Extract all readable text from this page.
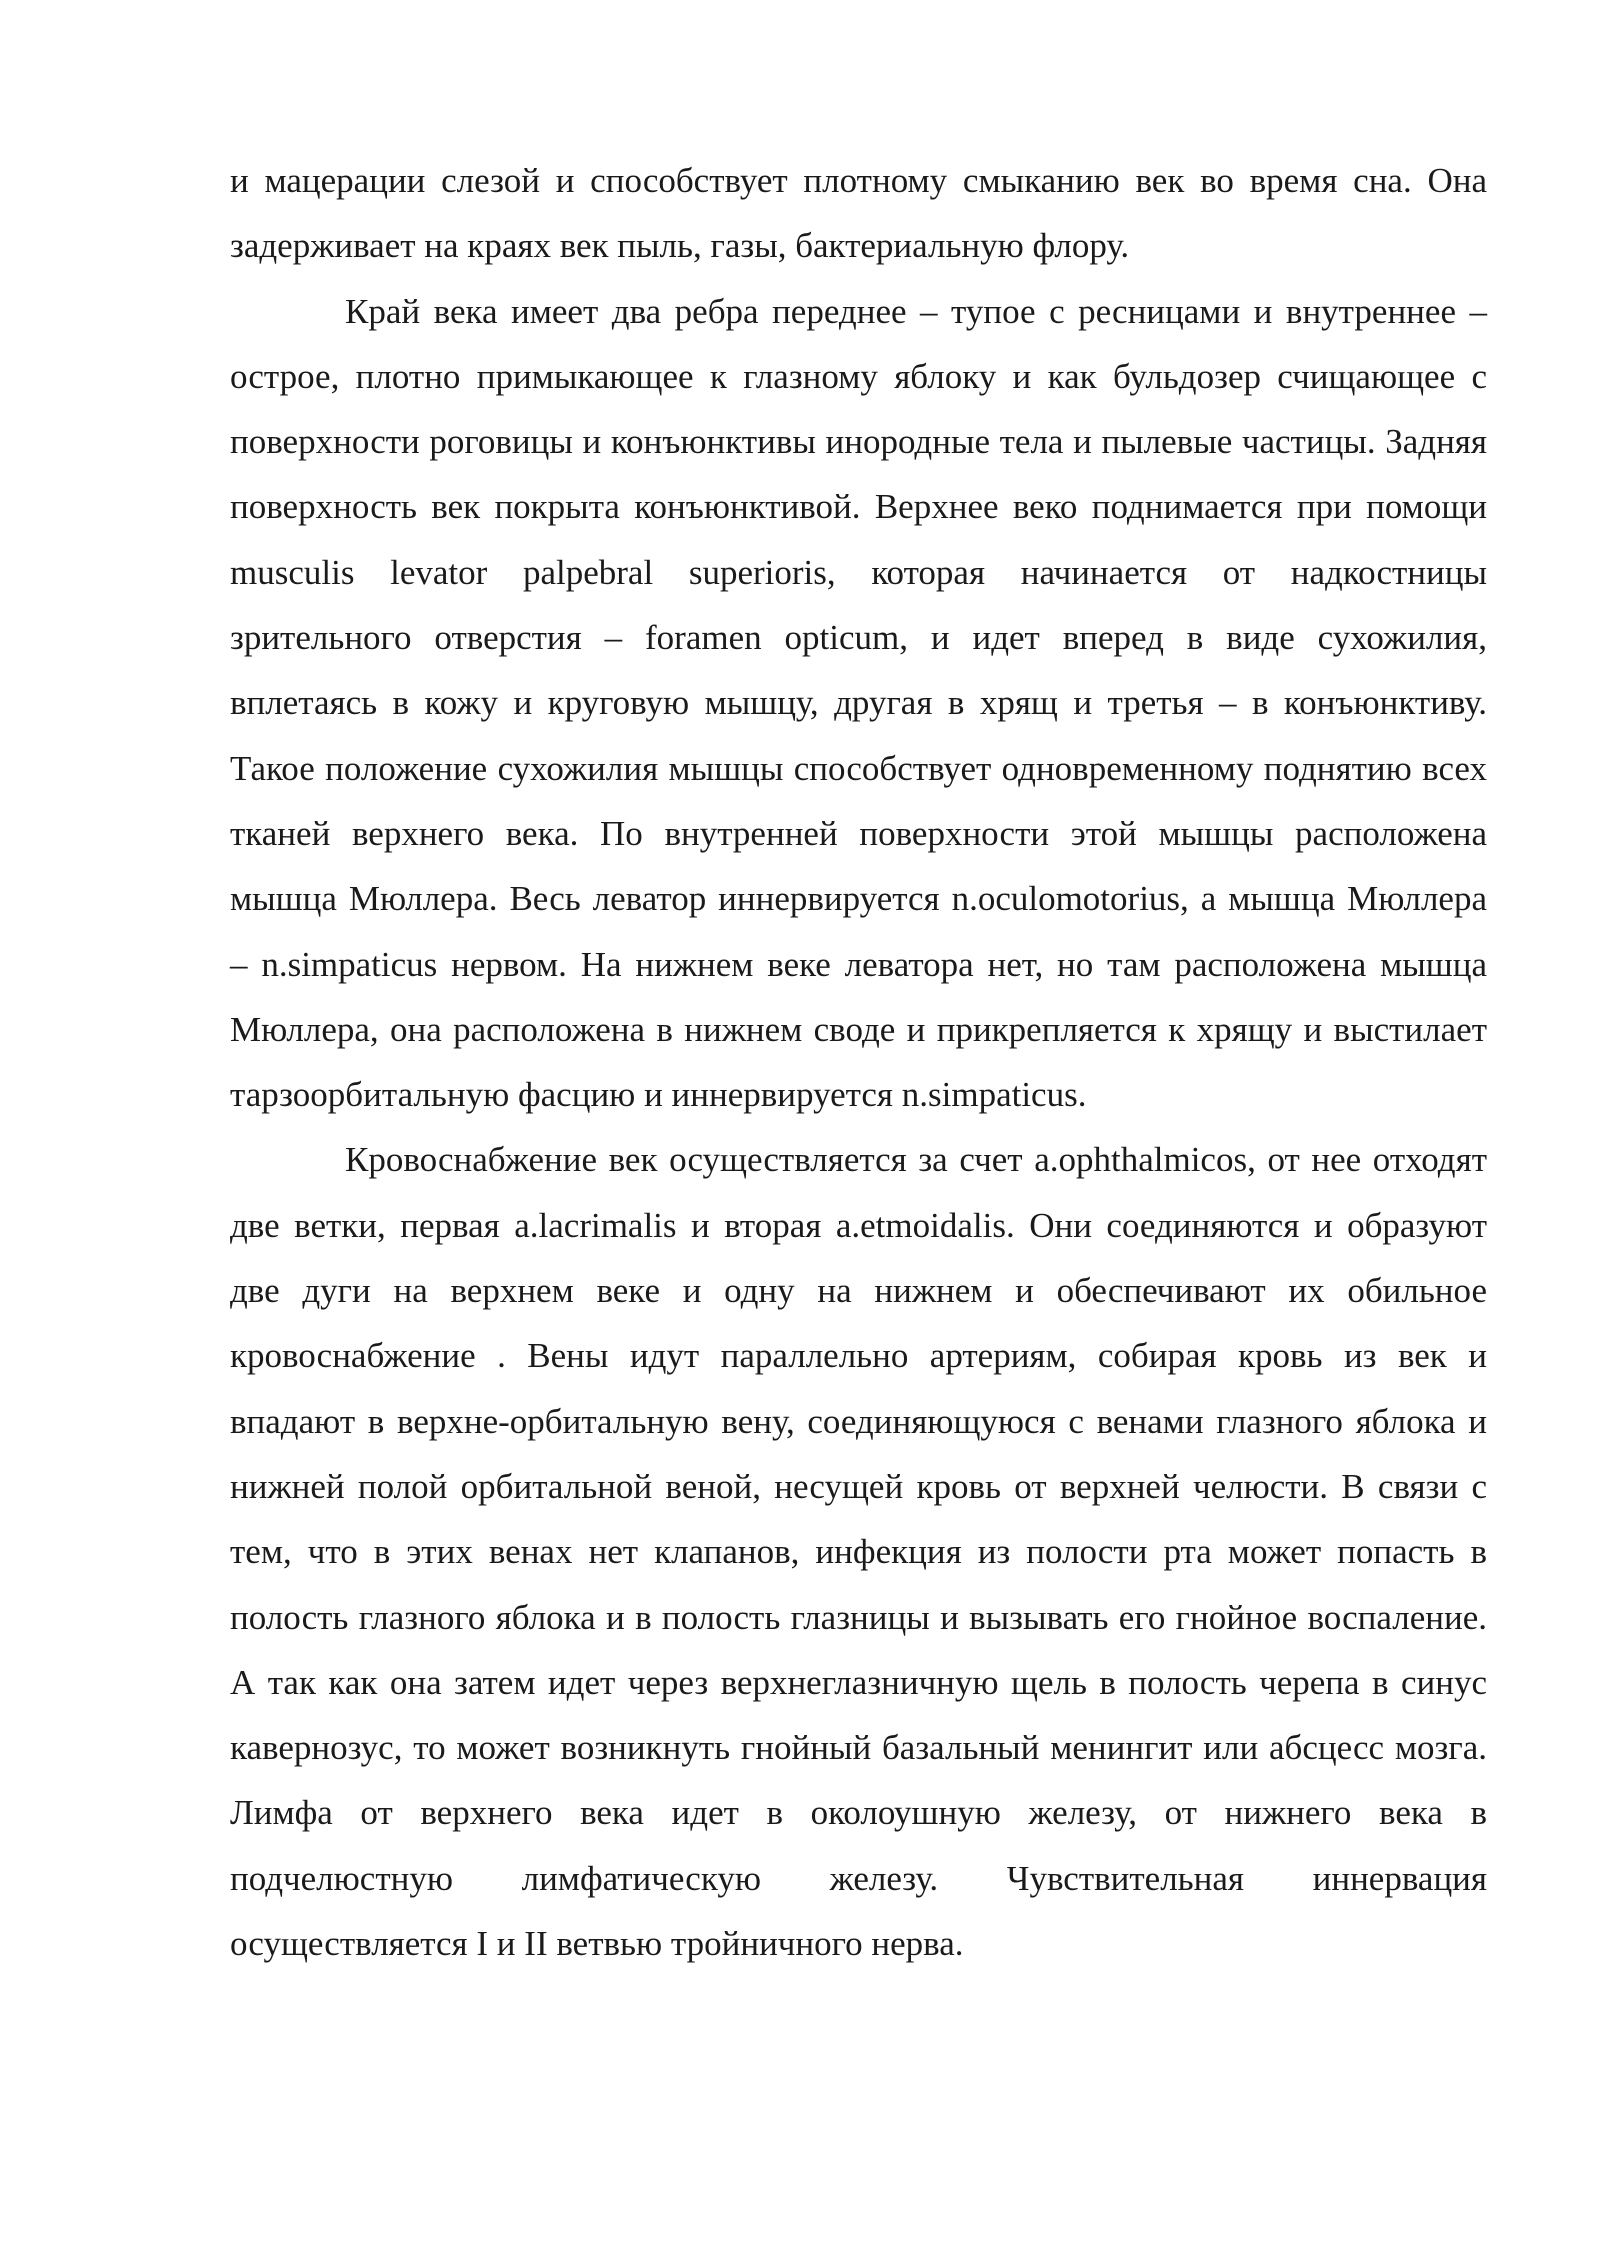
и мацерации слезой и способствует плотному смыканию век во время сна. Она задерживает на краях век пыль, газы, бактериальную флору.

Край века имеет два ребра переднее – тупое с ресницами и внутреннее – острое, плотно примыкающее к глазному яблоку и как бульдозер счищающее с поверхности роговицы и конъюнктивы инородные тела и пылевые частицы. Задняя поверхность век покрыта конъюнктивой. Верхнее веко поднимается при помощи musculis levator palpebral superioris, которая начинается от надкостницы зрительного отверстия – foramen opticum, и идет вперед в виде сухожилия, вплетаясь в кожу и круговую мышцу, другая в хрящ и третья – в конъюнктиву. Такое положение сухожилия мышцы способствует одновременному поднятию всех тканей верхнего века. По внутренней поверхности этой мышцы расположена мышца Мюллера. Весь леватор иннервируется n.oculomotorius, а мышца Мюллера – n.simpaticus нервом. На нижнем веке леватора нет, но там расположена мышца Мюллера, она расположена в нижнем своде и прикрепляется к хрящу и выстилает тарзоорбитальную фасцию и иннервируется n.simpaticus.

Кровоснабжение век осуществляется за счет a.ophthalmicos, от нее отходят две ветки, первая a.lacrimalis и вторая a.etmoidalis. Они соединяются и образуют две дуги на верхнем веке и одну на нижнем и обеспечивают их обильное кровоснабжение . Вены идут параллельно артериям, собирая кровь из век и впадают в верхне-орбитальную вену, соединяющуюся с венами глазного яблока и нижней полой орбитальной веной, несущей кровь от верхней челюсти. В связи с тем, что в этих венах нет клапанов, инфекция из полости рта может попасть в полость глазного яблока и в полость глазницы и вызывать его гнойное воспаление. А так как она затем идет через верхнеглазничную щель в полость черепа в синус кавернозус, то может возникнуть гнойный базальный менингит или абсцесс мозга. Лимфа от верхнего века идет в околоушную железу, от нижнего века в подчелюстную лимфатическую железу. Чувствительная иннервация осуществляется I и II ветвью тройничного нерва.
